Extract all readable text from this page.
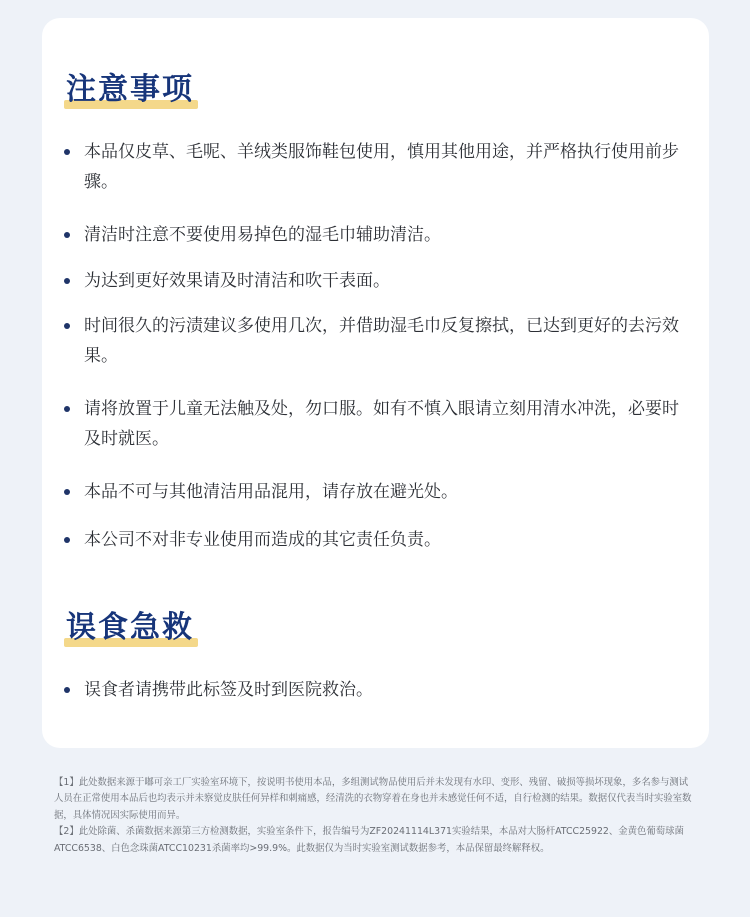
注意事项
本品仅皮草、毛呢、羊绒类服饰鞋包使用，慎用其他用途，并严格执行使用前步骤。
清洁时注意不要使用易掉色的湿毛巾辅助清洁。
为达到更好效果请及时清洁和吹干表面。
时间很久的污渍建议多使用几次，并借助湿毛巾反复擦拭，已达到更好的去污效果。
请将放置于儿童无法触及处，勿口服。如有不慎入眼请立刻用清水冲洗，必要时及时就医。
本品不可与其他清洁用品混用，请存放在避光处。
本公司不对非专业使用而造成的其它责任负责。
误食急救
误食者请携带此标签及时到医院救治。
【1】此处数据来源于嘟可亲工厂实验室环境下，按说明书使用本品，多组测试物品使用后并未发现有水印、变形、残留、破损等损坏现象，多名参与测试人员在正常使用本品后也均表示并未察觉皮肤任何异样和刺痛感，经清洗的衣物穿着在身也并未感觉任何不适，自行检测的结果。数据仅代表当时实验室数据，具体情况因实际使用而异。
【2】此处除菌、杀菌数据来源第三方检测数据，实验室条件下，报告编号为ZF20241114L371实验结果，本品对大肠杆ATCC25922、金黄色葡萄球菌ATCC6538、白色念珠菌ATCC10231杀菌率均>99.9%。此数据仅为当时实验室测试数据参考，本品保留最终解释权。
